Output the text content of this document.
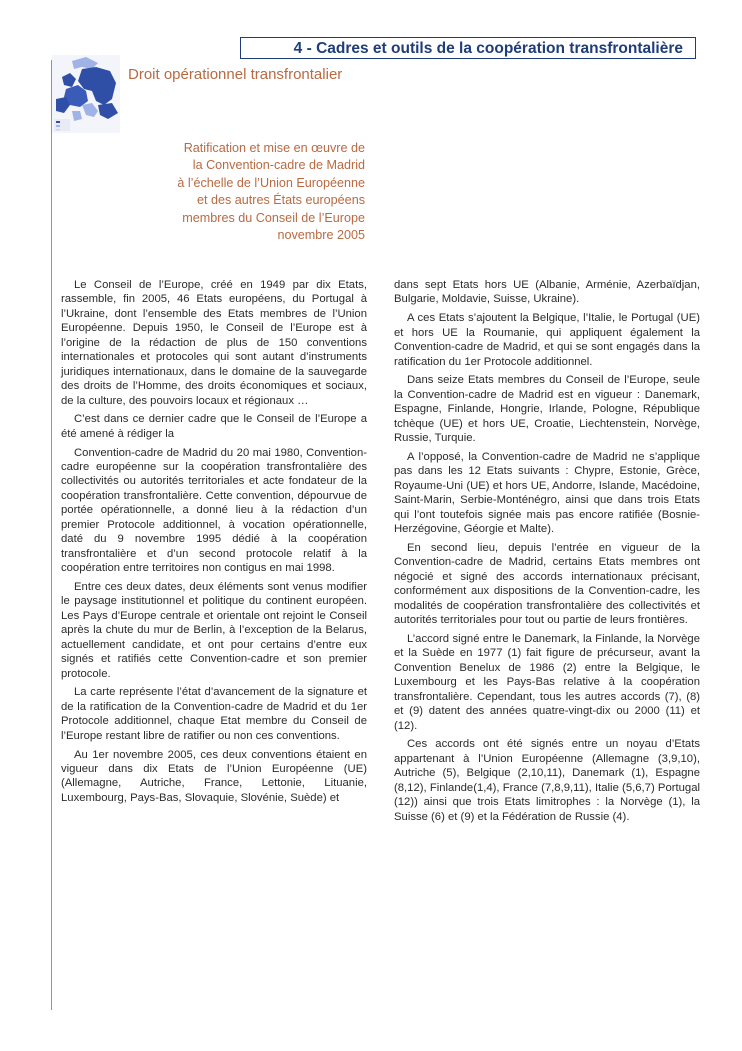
4 - Cadres et outils de la coopération transfrontalière
Droit opérationnel transfrontalier
Ratification et mise en œuvre de
la Convention-cadre de Madrid
à l’échelle de l’Union Européenne
et des autres États européens
membres du Conseil de l’Europe
novembre 2005

Le Conseil de l’Europe, créé en 1949 par dix Etats, rassemble, fin 2005, 46 Etats européens, du Portugal à l’Ukraine, dont l’ensemble des Etats membres de l’Union Européenne. Depuis 1950, le Conseil de l’Europe est à l’origine de la rédaction de plus de 150 conventions internationales et protocoles qui sont autant d’instruments juridiques internationaux, dans le domaine de la sauvegarde des droits de l’Homme, des droits économiques et sociaux, de la culture, des pouvoirs locaux et régionaux …

C’est dans ce dernier cadre que le Conseil de l’Europe a été amené à rédiger la

Convention-cadre de Madrid du 20 mai 1980, Convention-cadre européenne sur la coopération transfrontalière des collectivités ou autorités territoriales et acte fondateur de la coopération transfrontalière. Cette convention, dépourvue de portée opérationnelle, a donné lieu à la rédaction d’un premier Protocole additionnel, à vocation opérationnelle, daté du 9 novembre 1995 dédié à la coopération transfrontalière et d’un second protocole relatif à la coopération entre territoires non contigus en mai 1998.

Entre ces deux dates, deux éléments sont venus modifier le paysage institutionnel et politique du continent européen. Les Pays d’Europe centrale et orientale ont rejoint le Conseil après la chute du mur de Berlin, à l’exception de la Belarus, actuellement candidate, et ont pour certains d’entre eux signés et ratifiés cette Convention-cadre et son premier protocole.

La carte représente l’état d’avancement de la signature et de la ratification de la Convention-cadre de Madrid et du 1er Protocole additionnel, chaque Etat membre du Conseil de l’Europe restant libre de ratifier ou non ces conventions.

Au 1er novembre 2005, ces deux conventions étaient en vigueur dans dix Etats de l’Union Européenne (UE) (Allemagne, Autriche, France, Lettonie, Lituanie, Luxembourg, Pays-Bas, Slovaquie, Slovénie, Suède) et

dans sept Etats hors UE (Albanie, Arménie, Azerbaïdjan, Bulgarie, Moldavie, Suisse, Ukraine).

A ces Etats s’ajoutent la Belgique, l’Italie, le Portugal (UE) et hors UE la Roumanie, qui appliquent également la Convention-cadre de Madrid, et qui se sont engagés dans la ratification du 1er Protocole additionnel.

Dans seize Etats membres du Conseil de l’Europe, seule la Convention-cadre de Madrid est en vigueur : Danemark, Espagne, Finlande, Hongrie, Irlande, Pologne, République tchèque (UE) et hors UE, Croatie, Liechtenstein, Norvège, Russie, Turquie.

A l’opposé, la Convention-cadre de Madrid ne s’applique pas dans les 12 Etats suivants : Chypre, Estonie, Grèce, Royaume-Uni (UE) et hors UE, Andorre, Islande, Macédoine, Saint-Marin, Serbie-Monténégro, ainsi que dans trois Etats qui l’ont toutefois signée mais pas encore ratifiée (Bosnie-Herzégovine, Géorgie et Malte).

En second lieu, depuis l’entrée en vigueur de la Convention-cadre de Madrid, certains Etats membres ont négocié et signé des accords internationaux précisant, conformément aux dispositions de la Convention-cadre, les modalités de coopération transfrontalière des collectivités et autorités territoriales pour tout ou partie de leurs frontières.

L’accord signé entre le Danemark, la Finlande, la Norvège et la Suède en 1977 (1) fait figure de précurseur, avant la Convention Benelux de 1986 (2) entre la Belgique, le Luxembourg et les Pays-Bas relative à la coopération transfrontalière. Cependant, tous les autres accords (7), (8) et (9) datent des années quatre-vingt-dix ou 2000 (11) et (12).

Ces accords ont été signés entre un noyau d’Etats appartenant à l’Union Européenne (Allemagne (3,9,10), Autriche (5), Belgique (2,10,11), Danemark (1), Espagne (8,12), Finlande(1,4), France (7,8,9,11), Italie (5,6,7) Portugal (12)) ainsi que trois Etats limitrophes : la Norvège (1), la Suisse (6) et (9) et la Fédération de Russie (4).
